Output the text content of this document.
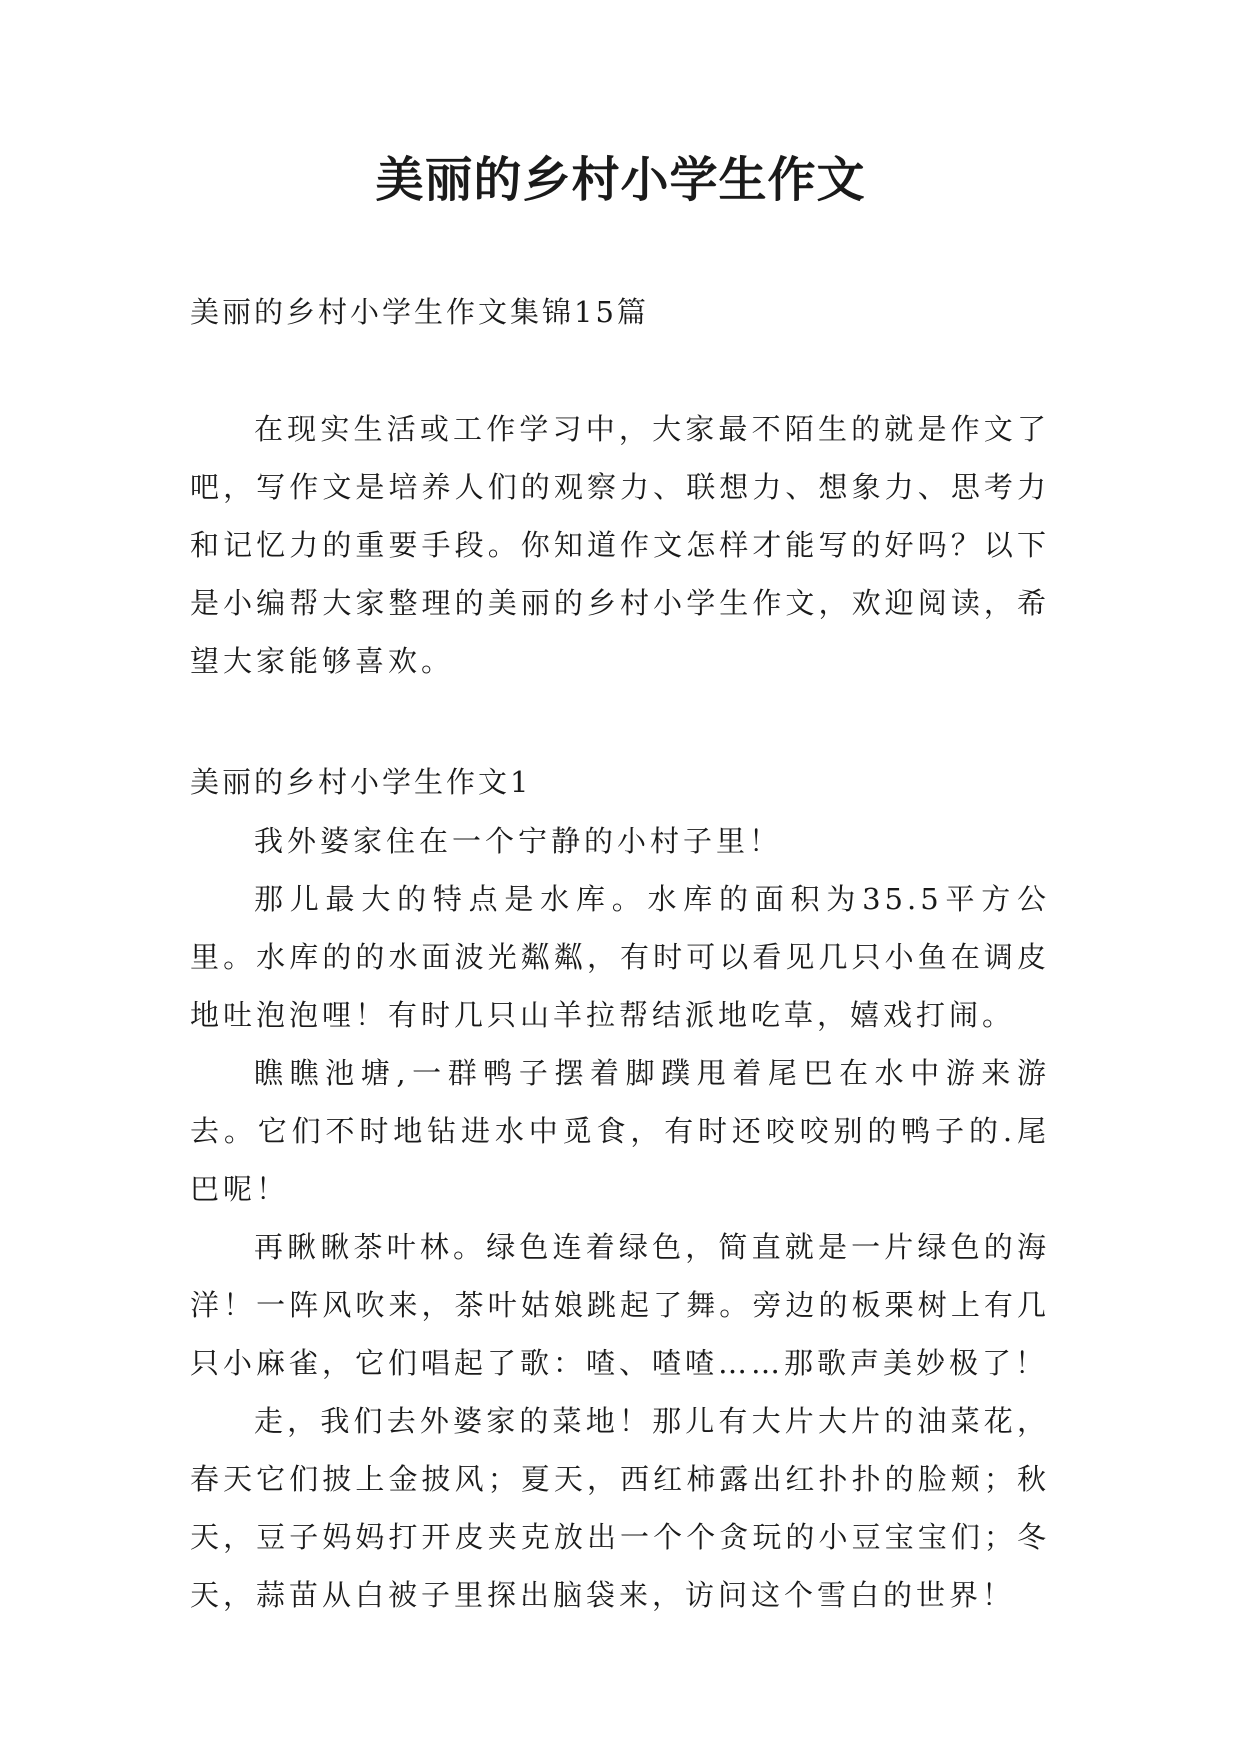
美丽的乡村小学生作文
美丽的乡村小学生作文集锦15篇

在现实生活或工作学习中，大家最不陌生的就是作文了吧，写作文是培养人们的观察力、联想力、想象力、思考力和记忆力的重要手段。你知道作文怎样才能写的好吗？以下是小编帮大家整理的美丽的乡村小学生作文，欢迎阅读，希望大家能够喜欢。

美丽的乡村小学生作文1

我外婆家住在一个宁静的小村子里！

那儿最大的特点是水库。水库的面积为35.5平方公里。水库的的水面波光粼粼，有时可以看见几只小鱼在调皮地吐泡泡哩！有时几只山羊拉帮结派地吃草，嬉戏打闹。

瞧瞧池塘,一群鸭子摆着脚蹼甩着尾巴在水中游来游去。它们不时地钻进水中觅食，有时还咬咬别的鸭子的.尾巴呢！

再瞅瞅茶叶林。绿色连着绿色，简直就是一片绿色的海洋！一阵风吹来，茶叶姑娘跳起了舞。旁边的板栗树上有几只小麻雀，它们唱起了歌：喳、喳喳……那歌声美妙极了！

走，我们去外婆家的菜地！那儿有大片大片的油菜花，春天它们披上金披风；夏天，西红柿露出红扑扑的脸颊；秋天，豆子妈妈打开皮夹克放出一个个贪玩的小豆宝宝们；冬天，蒜苗从白被子里探出脑袋来，访问这个雪白的世界！
